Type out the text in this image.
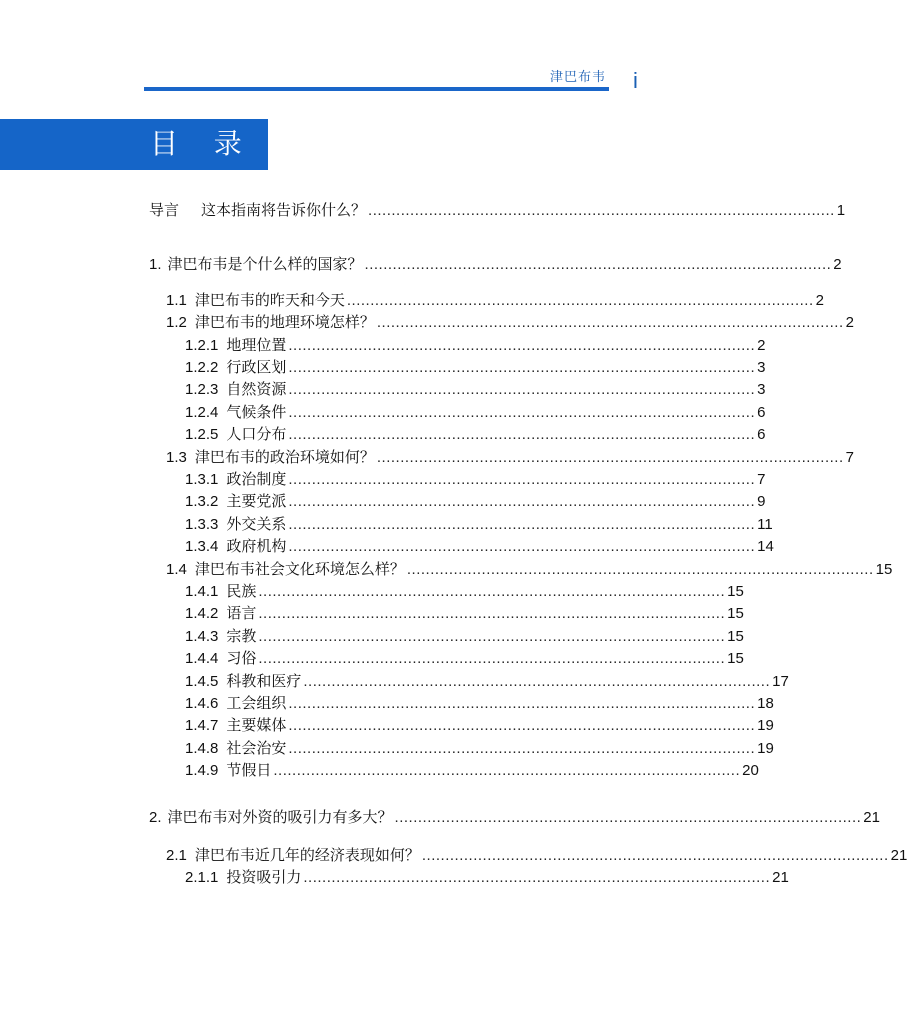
津巴布韦 i
目 录
导言 这本指南将告诉你什么？ .................................................................................................... 1
1. 津巴布韦是个什么样的国家？ .................................................................................................... 2
1.1 津巴布韦的昨天和今天 .................................................................................................... 2
1.2 津巴布韦的地理环境怎样？ .................................................................................................... 2
1.2.1 地理位置 .................................................................................................... 2
1.2.2 行政区划 .................................................................................................... 3
1.2.3 自然资源 .................................................................................................... 3
1.2.4 气候条件 .................................................................................................... 6
1.2.5 人口分布 .................................................................................................... 6
1.3 津巴布韦的政治环境如何？ .................................................................................................... 7
1.3.1 政治制度 .................................................................................................... 7
1.3.2 主要党派 .................................................................................................... 9
1.3.3 外交关系 .................................................................................................... 11
1.3.4 政府机构 .................................................................................................... 14
1.4 津巴布韦社会文化环境怎么样？ .................................................................................................... 15
1.4.1 民族 .................................................................................................... 15
1.4.2 语言 .................................................................................................... 15
1.4.3 宗教 .................................................................................................... 15
1.4.4 习俗 .................................................................................................... 15
1.4.5 科教和医疗 .................................................................................................... 17
1.4.6 工会组织 .................................................................................................... 18
1.4.7 主要媒体 .................................................................................................... 19
1.4.8 社会治安 .................................................................................................... 19
1.4.9 节假日 .................................................................................................... 20
2. 津巴布韦对外资的吸引力有多大？ .................................................................................................... 21
2.1 津巴布韦近几年的经济表现如何？ .................................................................................................... 21
2.1.1 投资吸引力 .................................................................................................... 21
